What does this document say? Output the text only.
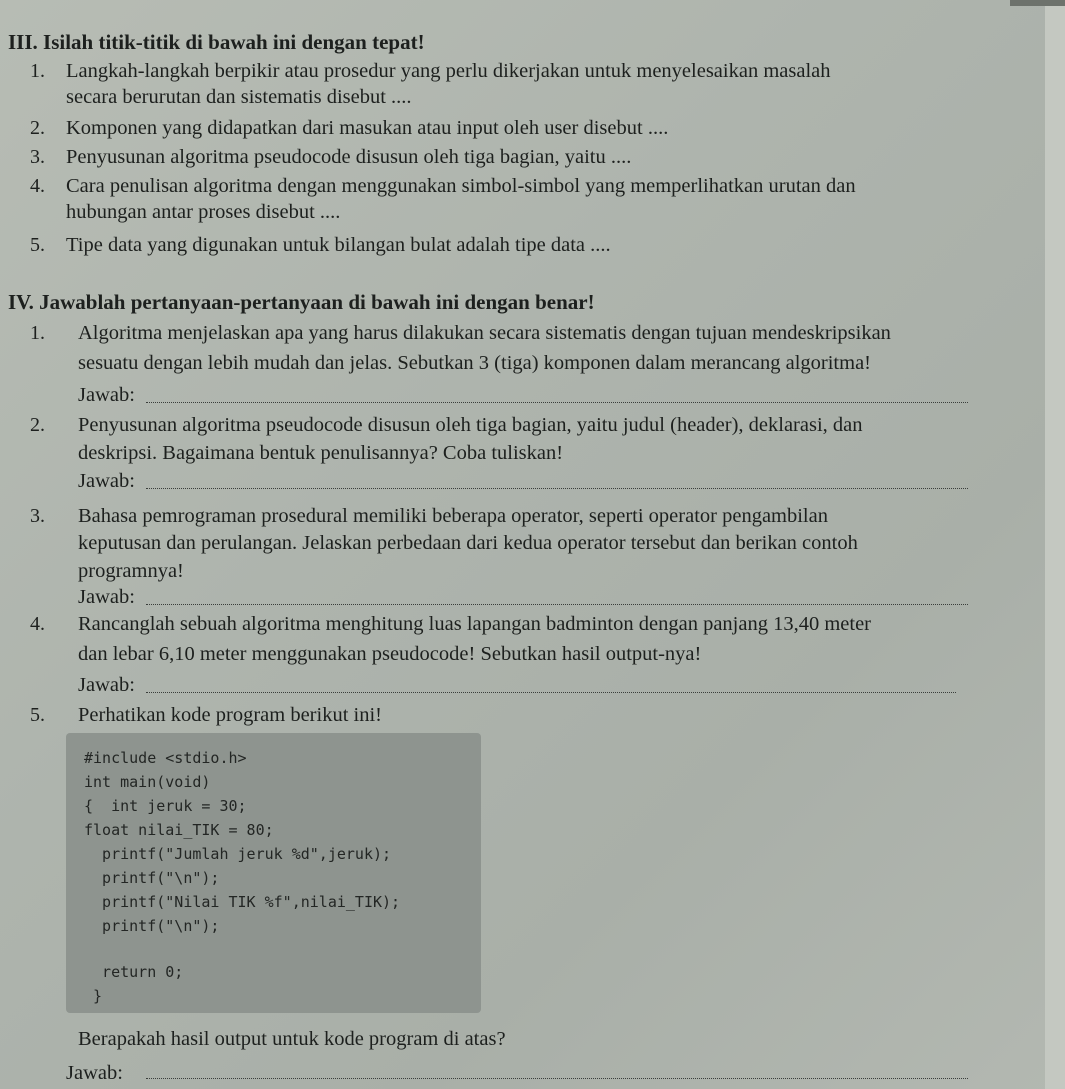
III. Isilah titik-titik di bawah ini dengan tepat!
1. Langkah-langkah berpikir atau prosedur yang perlu dikerjakan untuk menyelesaikan masalah
secara berurutan dan sistematis disebut ....
2. Komponen yang didapatkan dari masukan atau input oleh user disebut ....
3. Penyusunan algoritma pseudocode disusun oleh tiga bagian, yaitu ....
4. Cara penulisan algoritma dengan menggunakan simbol-simbol yang memperlihatkan urutan dan
hubungan antar proses disebut ....
5. Tipe data yang digunakan untuk bilangan bulat adalah tipe data ....
IV. Jawablah pertanyaan-pertanyaan di bawah ini dengan benar!
1. Algoritma menjelaskan apa yang harus dilakukan secara sistematis dengan tujuan mendeskripsikan
sesuatu dengan lebih mudah dan jelas. Sebutkan 3 (tiga) komponen dalam merancang algoritma!
Jawab:
2. Penyusunan algoritma pseudocode disusun oleh tiga bagian, yaitu judul (header), deklarasi, dan
deskripsi. Bagaimana bentuk penulisannya? Coba tuliskan!
Jawab:
3. Bahasa pemrograman prosedural memiliki beberapa operator, seperti operator pengambilan
keputusan dan perulangan. Jelaskan perbedaan dari kedua operator tersebut dan berikan contoh
programnya!
Jawab:
4. Rancanglah sebuah algoritma menghitung luas lapangan badminton dengan panjang 13,40 meter
dan lebar 6,10 meter menggunakan pseudocode! Sebutkan hasil output-nya!
Jawab:
5. Perhatikan kode program berikut ini!
#include <stdio.h>
int main(void)
{  int jeruk = 30;
float nilai_TIK = 80;
printf("Jumlah jeruk %d",jeruk);
printf("\n");
printf("Nilai TIK %f",nilai_TIK);
printf("\n");
return 0;
}
Berapakah hasil output untuk kode program di atas?
Jawab:
